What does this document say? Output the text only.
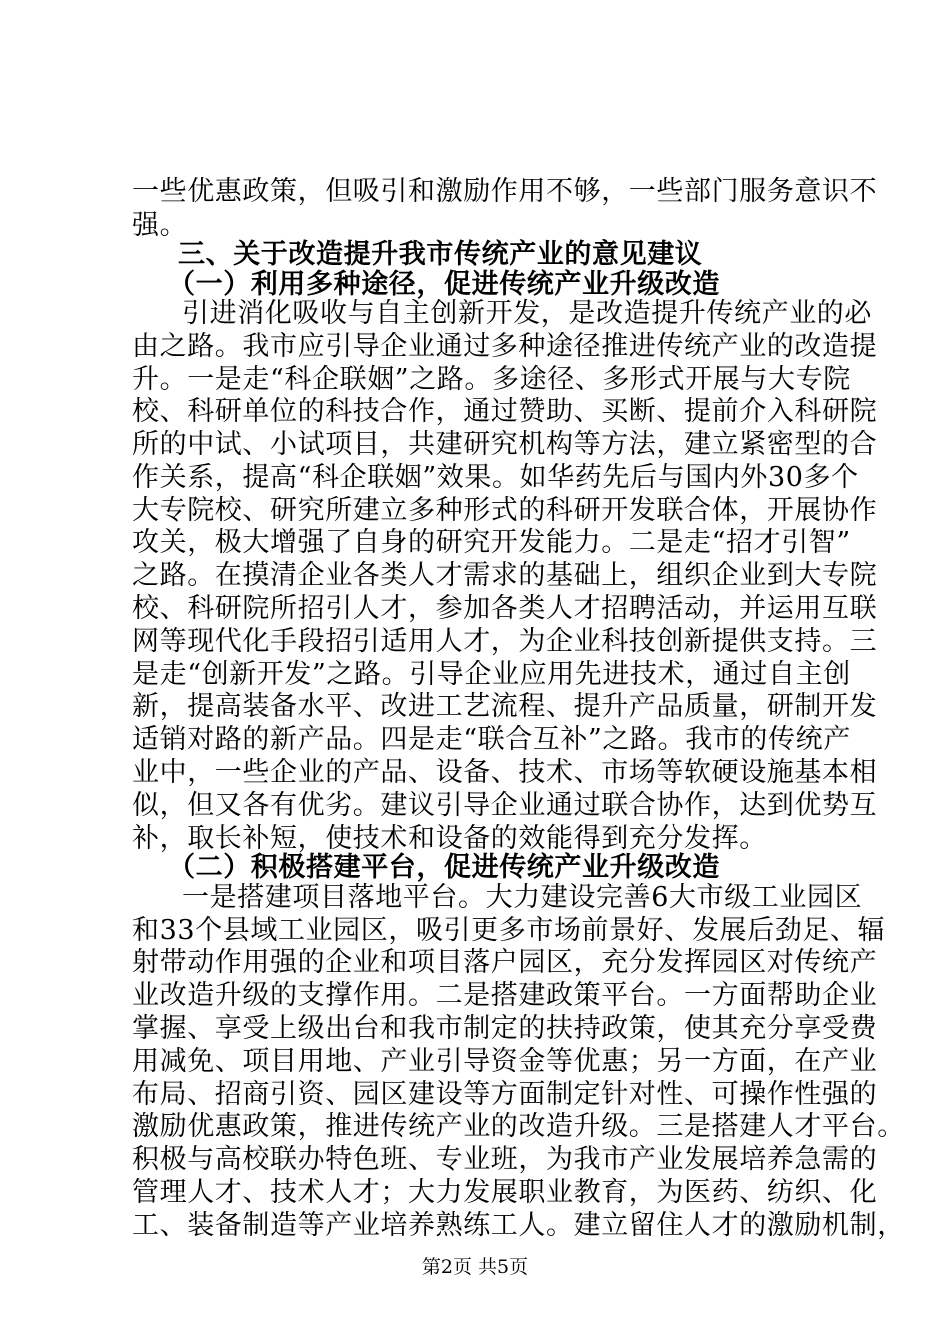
一些优惠政策，但吸引和激励作用不够，一些部门服务意识不
强。
三、关于改造提升我市传统产业的意见建议
（一）利用多种途径，促进传统产业升级改造
引进消化吸收与自主创新开发，是改造提升传统产业的必
由之路。我市应引导企业通过多种途径推进传统产业的改造提
升。一是走“科企联姻”之路。多途径、多形式开展与大专院
校、科研单位的科技合作，通过赞助、买断、提前介入科研院
所的中试、小试项目，共建研究机构等方法，建立紧密型的合
作关系，提高“科企联姻”效果。如华药先后与国内外30多个
大专院校、研究所建立多种形式的科研开发联合体，开展协作
攻关，极大增强了自身的研究开发能力。二是走“招才引智”
之路。在摸清企业各类人才需求的基础上，组织企业到大专院
校、科研院所招引人才，参加各类人才招聘活动，并运用互联
网等现代化手段招引适用人才，为企业科技创新提供支持。三
是走“创新开发”之路。引导企业应用先进技术，通过自主创
新，提高装备水平、改进工艺流程、提升产品质量，研制开发
适销对路的新产品。四是走“联合互补”之路。我市的传统产
业中，一些企业的产品、设备、技术、市场等软硬设施基本相
似，但又各有优劣。建议引导企业通过联合协作，达到优势互
补，取长补短，使技术和设备的效能得到充分发挥。
（二）积极搭建平台，促进传统产业升级改造
一是搭建项目落地平台。大力建设完善6大市级工业园区
和33个县域工业园区，吸引更多市场前景好、发展后劲足、辐
射带动作用强的企业和项目落户园区，充分发挥园区对传统产
业改造升级的支撑作用。二是搭建政策平台。一方面帮助企业
掌握、享受上级出台和我市制定的扶持政策，使其充分享受费
用减免、项目用地、产业引导资金等优惠；另一方面，在产业
布局、招商引资、园区建设等方面制定针对性、可操作性强的
激励优惠政策，推进传统产业的改造升级。三是搭建人才平台。
积极与高校联办特色班、专业班，为我市产业发展培养急需的
管理人才、技术人才；大力发展职业教育，为医药、纺织、化
工、装备制造等产业培养熟练工人。建立留住人才的激励机制，
第2页 共5页
